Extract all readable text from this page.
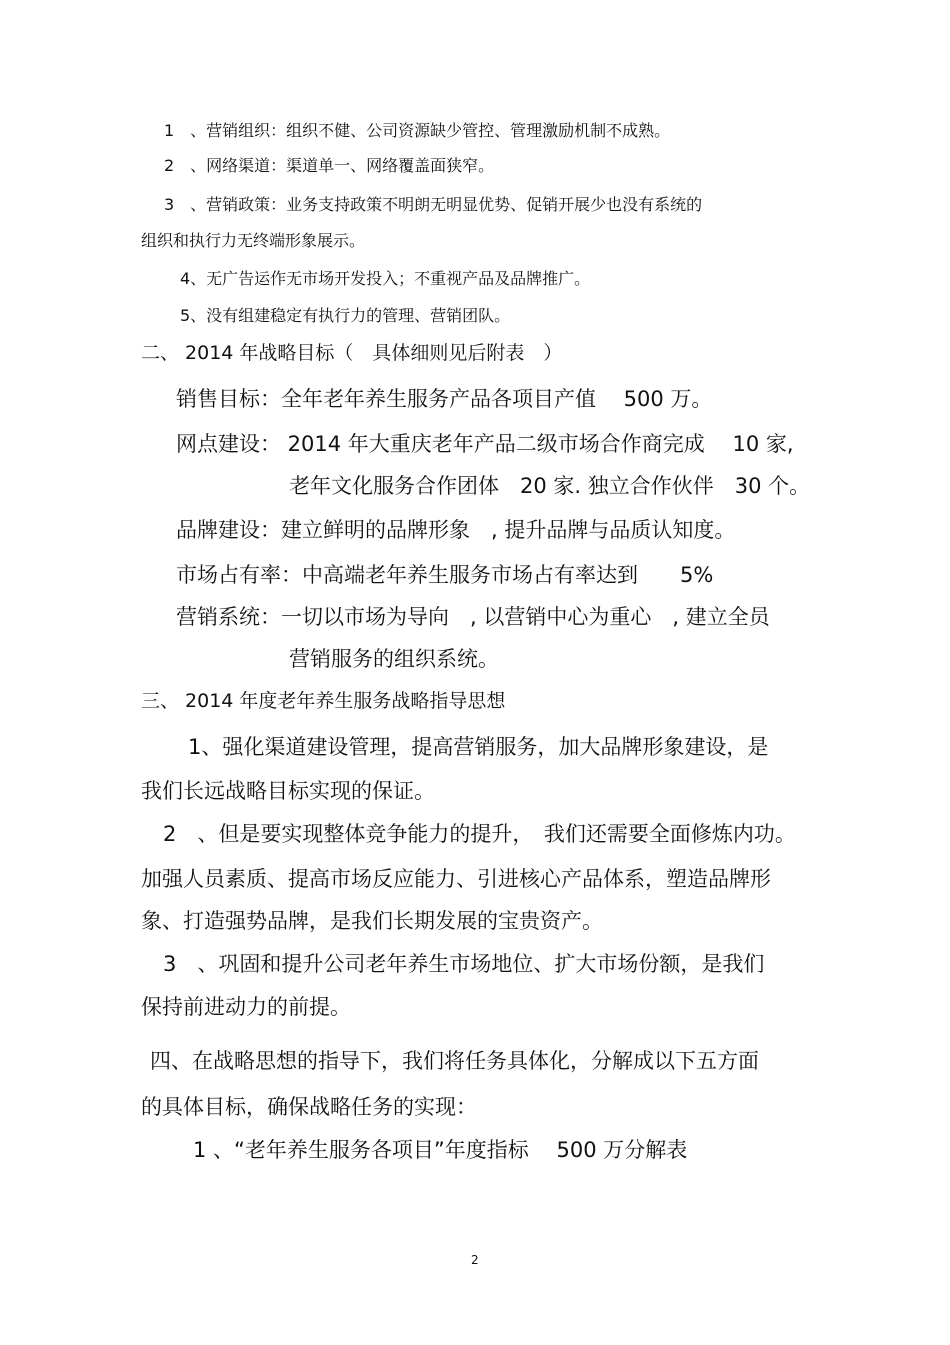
1　、营销组织：组织不健、公司资源缺少管控、管理激励机制不成熟。
2　、网络渠道：渠道单一、网络覆盖面狭窄。
3　、营销政策：业务支持政策不明朗无明显优势、促销开展少也没有系统的
组织和执行力无终端形象展示。
4、无广告运作无市场开发投入；不重视产品及品牌推广。
5、没有组建稳定有执行力的管理、营销团队。
二、 2014 年战略目标（　具体细则见后附表　）
销售目标：全年老年养生服务产品各项目产值　 500 万。
网点建设： 2014 年大重庆老年产品二级市场合作商完成　 10 家,
老年文化服务合作团体　20 家. 独立合作伙伴　30 个。
品牌建设：建立鲜明的品牌形象　, 提升品牌与品质认知度。
市场占有率：中高端老年养生服务市场占有率达到　　5%
营销系统：一切以市场为导向　, 以营销中心为重心　, 建立全员
营销服务的组织系统。
三、 2014 年度老年养生服务战略指导思想
1、强化渠道建设管理，提高营销服务，加大品牌形象建设，是
我们长远战略目标实现的保证。
2　、但是要实现整体竞争能力的提升，　我们还需要全面修炼内功。
加强人员素质、提高市场反应能力、引进核心产品体系，塑造品牌形
象、打造强势品牌，是我们长期发展的宝贵资产。
3　、巩固和提升公司老年养生市场地位、扩大市场份额，是我们
保持前进动力的前提。
四、在战略思想的指导下，我们将任务具体化，分解成以下五方面
的具体目标，确保战略任务的实现：
1 、“老年养生服务各项目”年度指标　 500 万分解表
2
